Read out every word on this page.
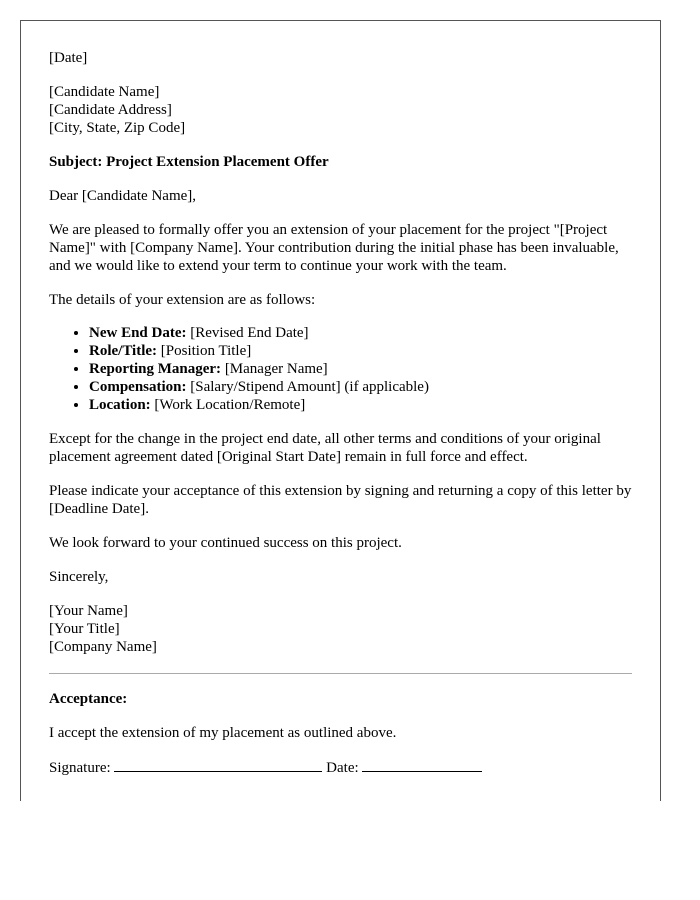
[Date]

[Candidate Name]
[Candidate Address]
[City, State, Zip Code]

Subject: Project Extension Placement Offer

Dear [Candidate Name],

We are pleased to formally offer you an extension of your placement for the project "[Project Name]" with [Company Name]. Your contribution during the initial phase has been invaluable, and we would like to extend your term to continue your work with the team.

The details of your extension are as follows:

• New End Date: [Revised End Date]
• Role/Title: [Position Title]
• Reporting Manager: [Manager Name]
• Compensation: [Salary/Stipend Amount] (if applicable)
• Location: [Work Location/Remote]

Except for the change in the project end date, all other terms and conditions of your original placement agreement dated [Original Start Date] remain in full force and effect.

Please indicate your acceptance of this extension by signing and returning a copy of this letter by [Deadline Date].

We look forward to your continued success on this project.

Sincerely,

[Your Name]
[Your Title]
[Company Name]

Acceptance:

I accept the extension of my placement as outlined above.

Signature:	Date:
